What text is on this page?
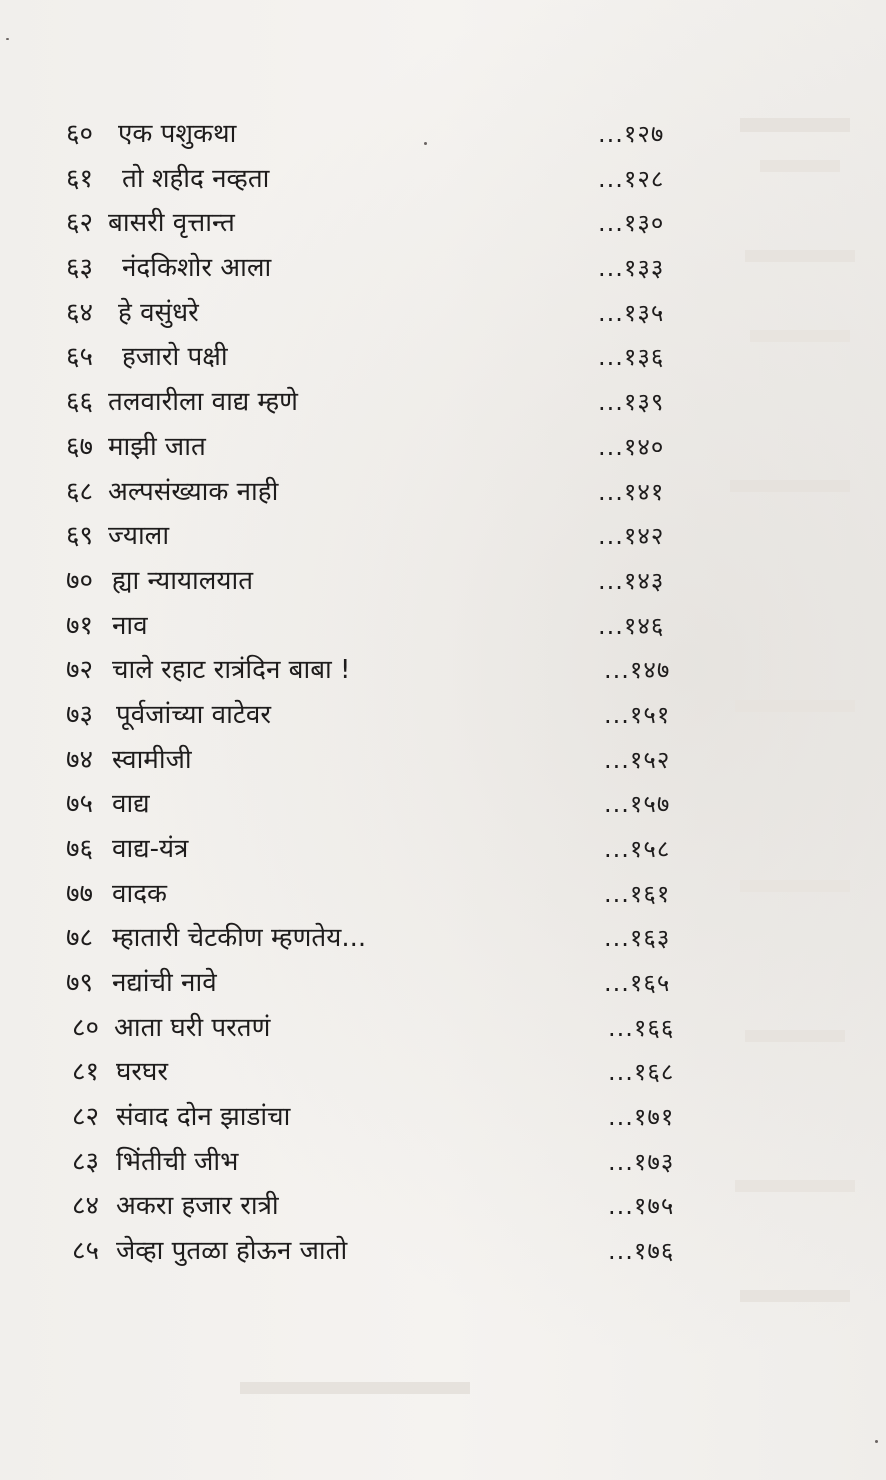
६० एक पशुकथा	...१२७
६१ तो शहीद नव्हता	...१२८
६२ बासरी वृत्तान्त	...१३०
६३ नंदकिशोर आला	...१३३
६४ हे वसुंधरे	...१३५
६५ हजारो पक्षी	...१३६
६६ तलवारीला वाद्य म्हणे	...१३९
६७ माझी जात	...१४०
६८ अल्पसंख्याक नाही	...१४१
६९ ज्याला	...१४२
७० ह्या न्यायालयात	...१४३
७१ नाव	...१४६
७२ चाले रहाट रात्रंदिन बाबा !	...१४७
७३ पूर्वजांच्या वाटेवर	...१५१
७४ स्वामीजी	...१५२
७५ वाद्य	...१५७
७६ वाद्य-यंत्र	...१५८
७७ वादक	...१६१
७८ म्हातारी चेटकीण म्हणतेय...	...१६३
७९ नद्यांची नावे	...१६५
८० आता घरी परतणं	...१६६
८१ घरघर	...१६८
८२ संवाद दोन झाडांचा	...१७१
८३ भिंतीची जीभ	...१७३
८४ अकरा हजार रात्री	...१७५
८५ जेव्हा पुतळा होऊन जातो	...१७६
